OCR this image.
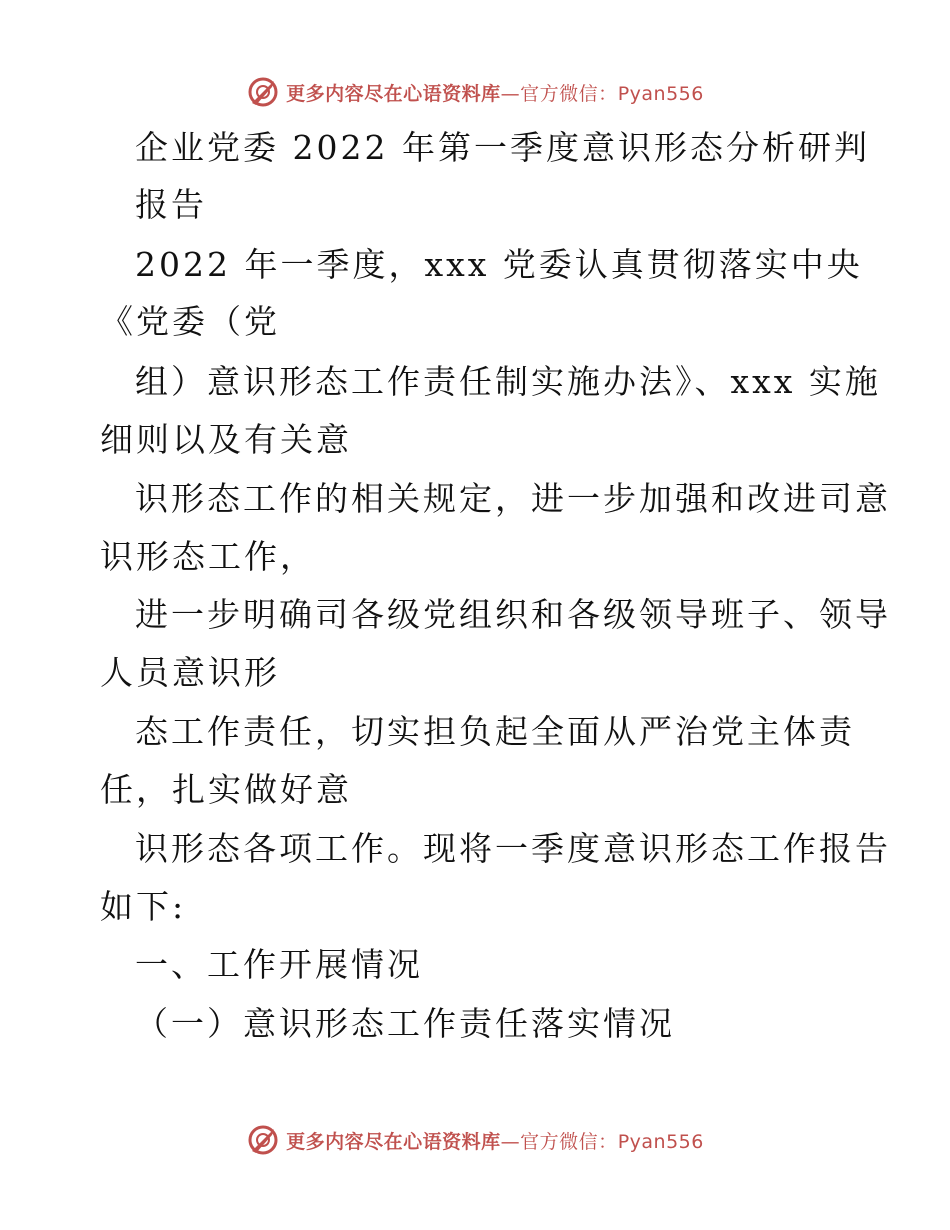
更多内容尽在心语资料库—官方微信：Pyan556
企业党委 2022 年第一季度意识形态分析研判
报告
2022 年一季度，xxx 党委认真贯彻落实中央
《党委（党
组）意识形态工作责任制实施办法》、xxx 实施
细则以及有关意
识形态工作的相关规定，进一步加强和改进司意
识形态工作，
进一步明确司各级党组织和各级领导班子、领导
人员意识形
态工作责任，切实担负起全面从严治党主体责
任，扎实做好意
识形态各项工作。现将一季度意识形态工作报告
如下:
一、工作开展情况
（一）意识形态工作责任落实情况
更多内容尽在心语资料库—官方微信：Pyan556
